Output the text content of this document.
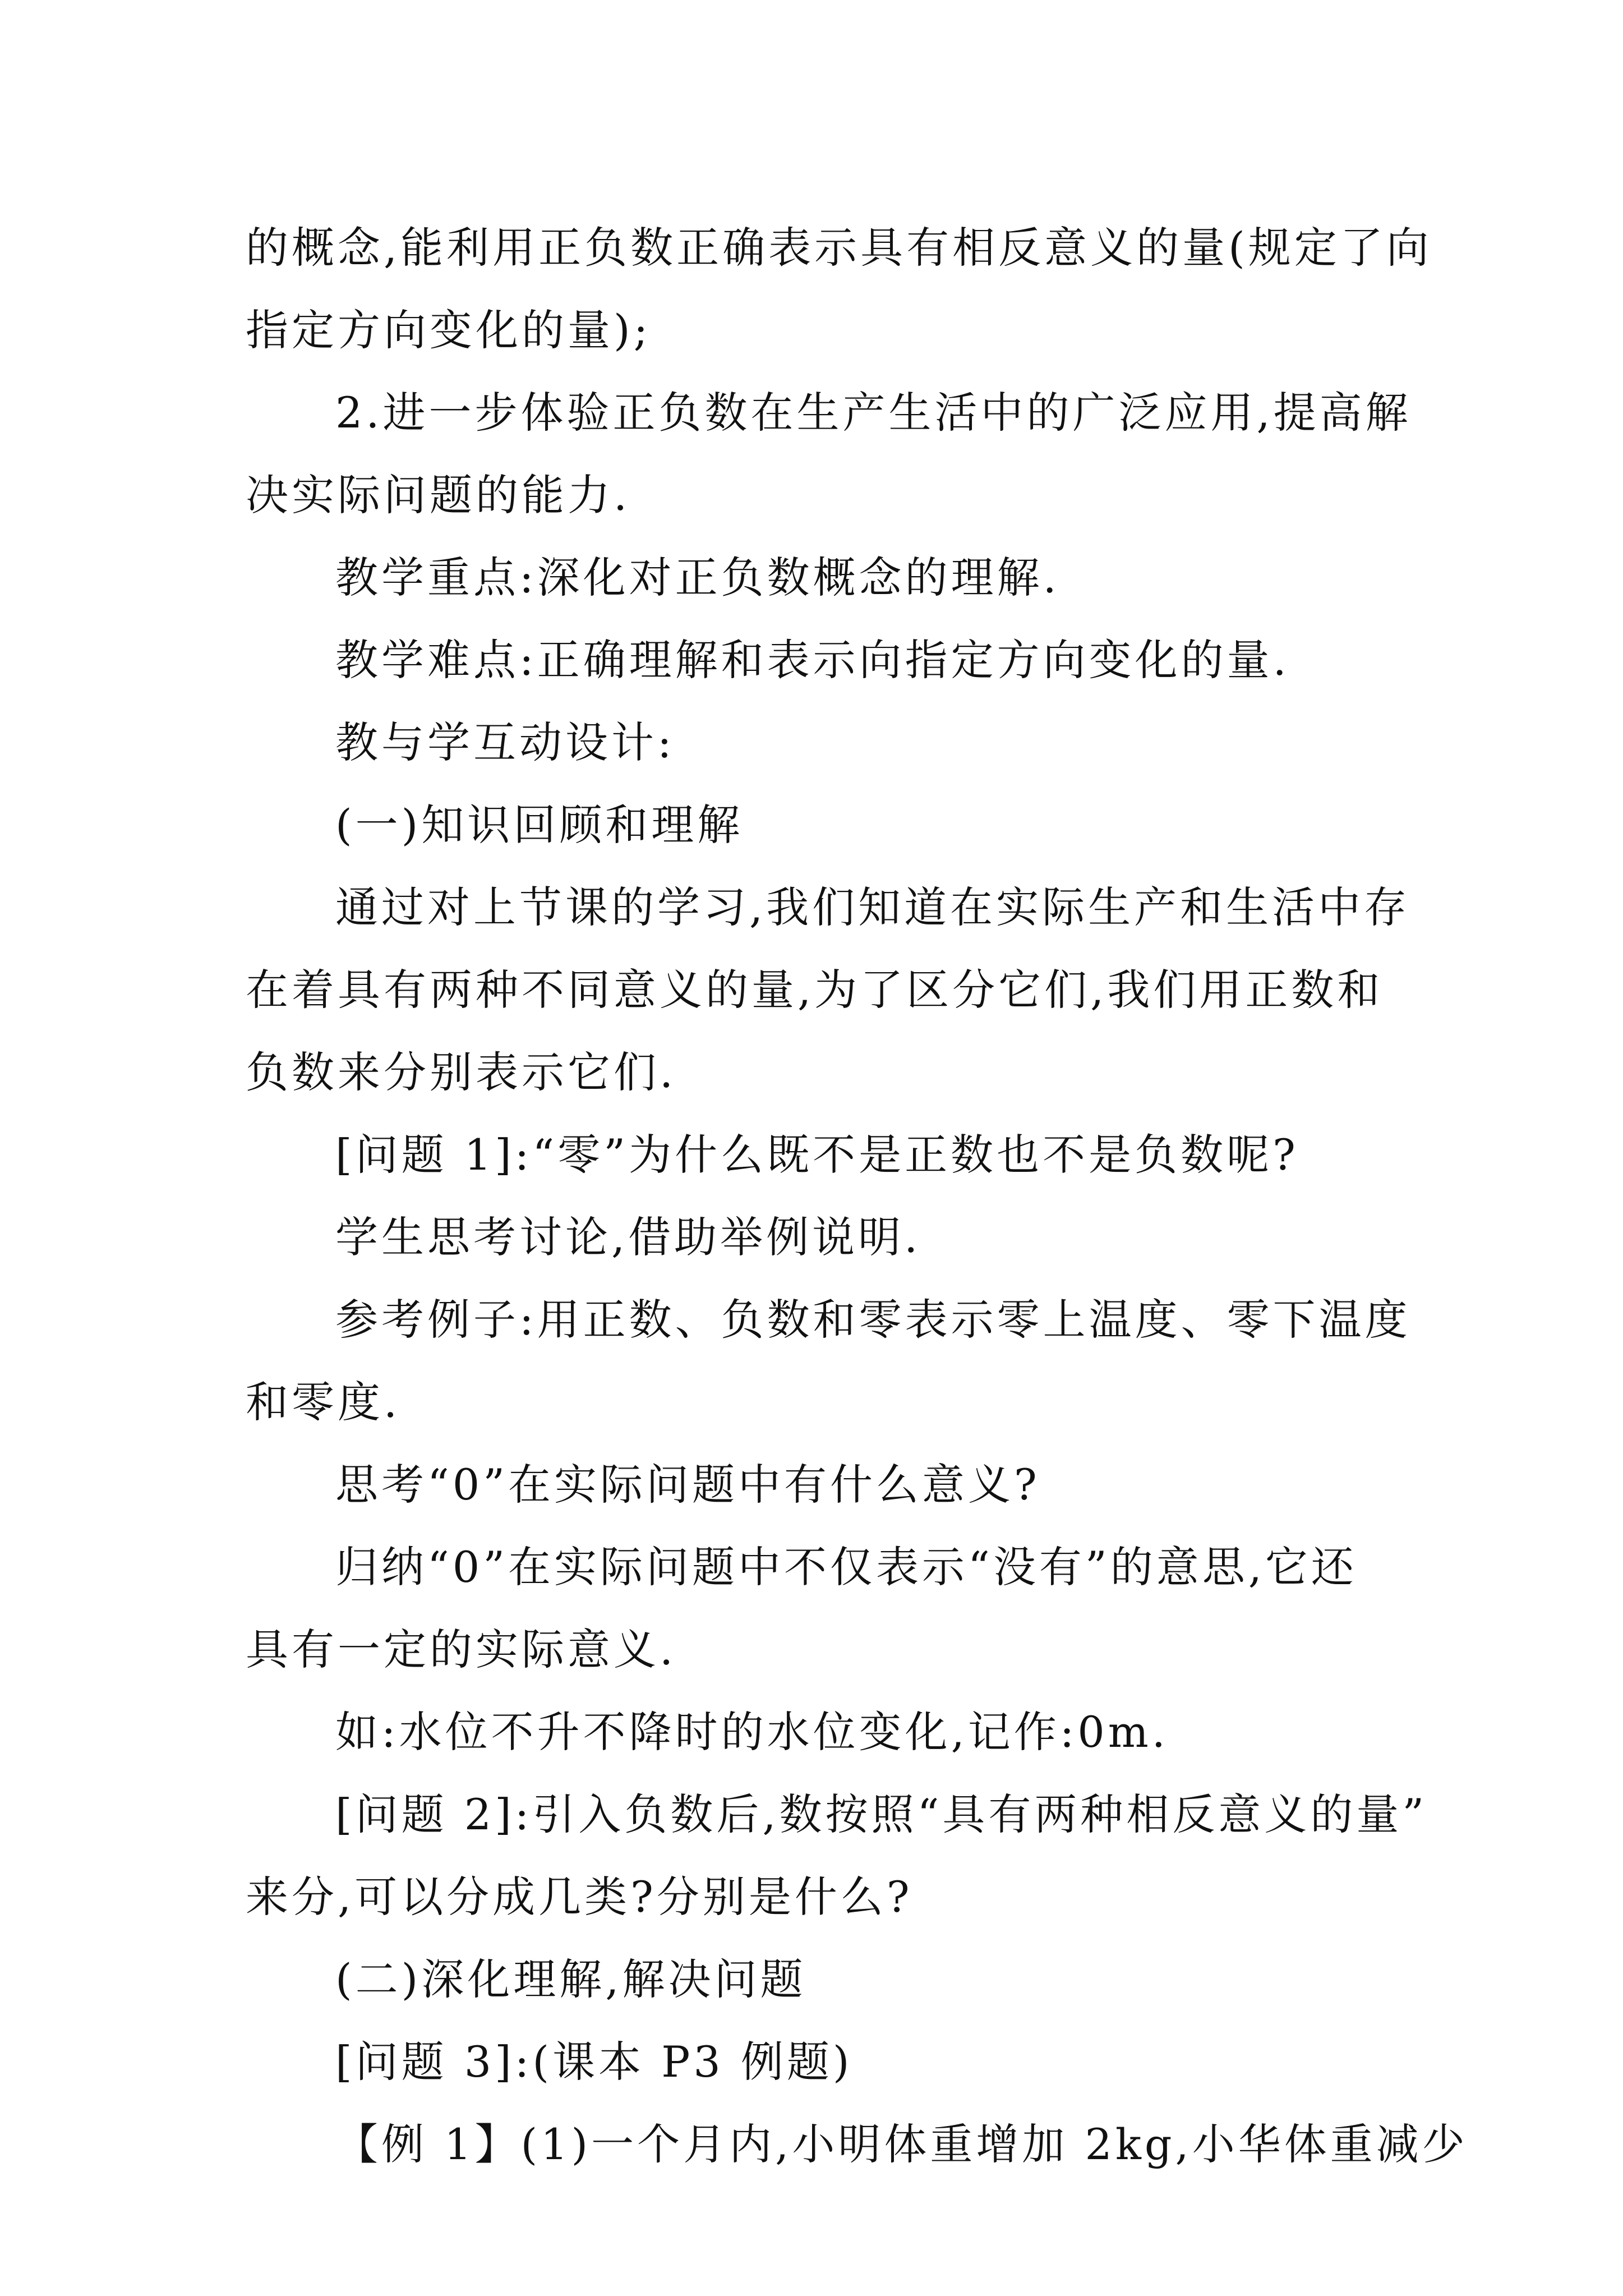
的概念,能利用正负数正确表示具有相反意义的量(规定了向
指定方向变化的量);
2.进一步体验正负数在生产生活中的广泛应用,提高解
决实际问题的能力.
教学重点:深化对正负数概念的理解.
教学难点:正确理解和表示向指定方向变化的量.
教与学互动设计:
(一)知识回顾和理解
通过对上节课的学习,我们知道在实际生产和生活中存
在着具有两种不同意义的量,为了区分它们,我们用正数和
负数来分别表示它们.
[问题 1]:“零”为什么既不是正数也不是负数呢?
学生思考讨论,借助举例说明.
参考例子:用正数、负数和零表示零上温度、零下温度
和零度.
思考“0”在实际问题中有什么意义?
归纳“0”在实际问题中不仅表示“没有”的意思,它还
具有一定的实际意义.
如:水位不升不降时的水位变化,记作:0m.
[问题 2]:引入负数后,数按照“具有两种相反意义的量”
来分,可以分成几类?分别是什么?
(二)深化理解,解决问题
[问题 3]:(课本 P3 例题)
【例 1】(1)一个月内,小明体重增加 2kg,小华体重减少
